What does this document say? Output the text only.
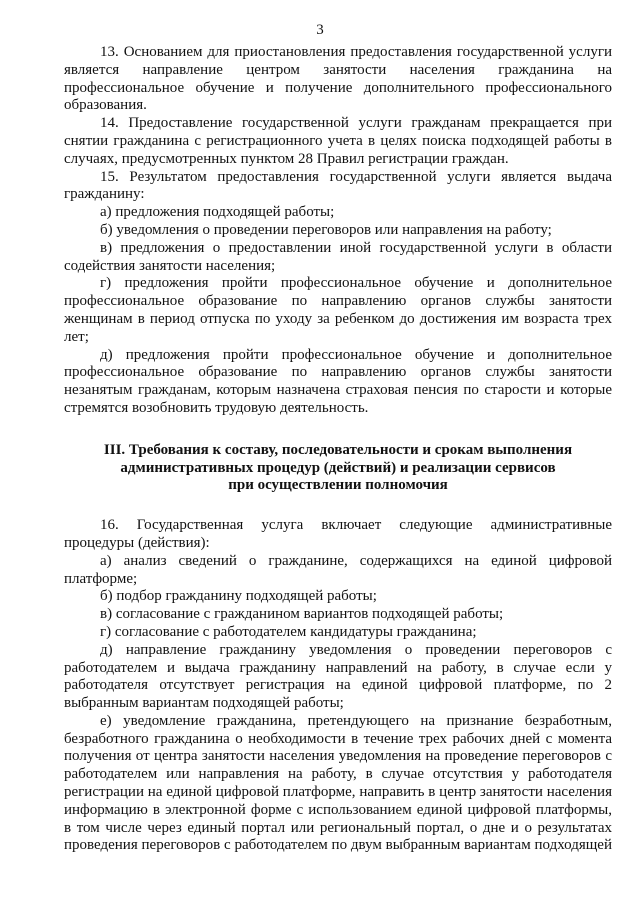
3

13. Основанием для приостановления предоставления государственной услуги является направление центром занятости населения гражданина на профессиональное обучение и получение дополнительного профессионального образования.

14. Предоставление государственной услуги гражданам прекращается при снятии гражданина с регистрационного учета в целях поиска подходящей работы в случаях, предусмотренных пунктом 28 Правил регистрации граждан.

15. Результатом предоставления государственной услуги является выдача гражданину:

а) предложения подходящей работы;

б) уведомления о проведении переговоров или направления на работу;

в) предложения о предоставлении иной государственной услуги в области содействия занятости населения;

г) предложения пройти профессиональное обучение и дополнительное профессиональное образование по направлению органов службы занятости женщинам в период отпуска по уходу за ребенком до достижения им возраста трех лет;

д) предложения пройти профессиональное обучение и дополнительное профессиональное образование по направлению органов службы занятости незанятым гражданам, которым назначена страховая пенсия по старости и которые стремятся возобновить трудовую деятельность.

III. Требования к составу, последовательности и срокам выполнения
административных процедур (действий) и реализации сервисов
при осуществлении полномочия

16. Государственная услуга включает следующие административные процедуры (действия):

а) анализ сведений о гражданине, содержащихся на единой цифровой платформе;

б) подбор гражданину подходящей работы;

в) согласование с гражданином вариантов подходящей работы;

г) согласование с работодателем кандидатуры гражданина;

д) направление гражданину уведомления о проведении переговоров с работодателем и выдача гражданину направлений на работу, в случае если у работодателя отсутствует регистрация на единой цифровой платформе, по 2 выбранным вариантам подходящей работы;

е) уведомление гражданина, претендующего на признание безработным, безработного гражданина о необходимости в течение трех рабочих дней с момента получения от центра занятости населения уведомления на проведение переговоров с работодателем или направления на работу, в случае отсутствия у работодателя регистрации на единой цифровой платформе, направить в центр занятости населения информацию в электронной форме с использованием единой цифровой платформы, в том числе через единый портал или региональный портал, о дне и о результатах проведения переговоров с работодателем по двум выбранным вариантам подходящей
